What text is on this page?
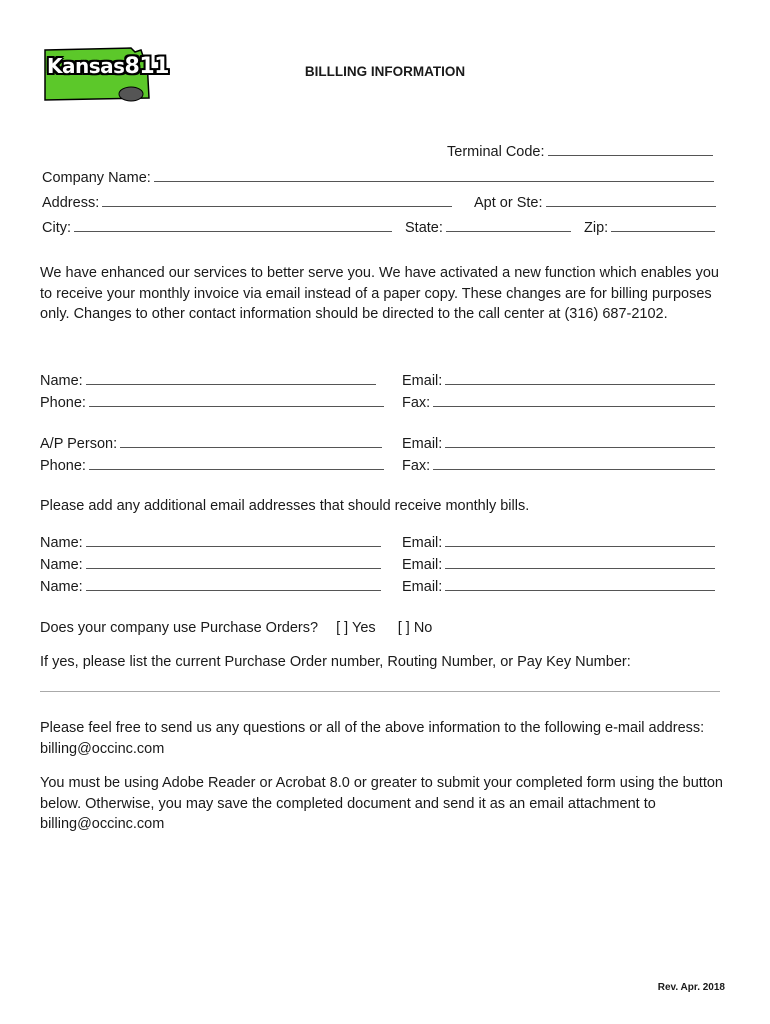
Kansas811	BILLLING INFORMATION
Terminal Code:
Company Name:
Address:	Apt or Ste:
City:	State:	Zip:
We have enhanced our services to better serve you. We have activated a new function which enables you to receive your monthly invoice via email instead of a paper copy. These changes are for billing purposes only. Changes to other contact information should be directed to the call center at (316) 687-2102.
Name:	Email:
Phone:	Fax:
A/P Person:	Email:
Phone:	Fax:
Please add any additional email addresses that should receive monthly bills.
Name:	Email:
Name:	Email:
Name:	Email:
Does your company use Purchase Orders? [ ] Yes [ ] No
If yes, please list the current Purchase Order number, Routing Number, or Pay Key Number:
Please feel free to send us any questions or all of the above information to the following e-mail address: billing@occinc.com
You must be using Adobe Reader or Acrobat 8.0 or greater to submit your completed form using the button below. Otherwise, you may save the completed document and send it as an email attachment to billing@occinc.com
Rev. Apr. 2018
